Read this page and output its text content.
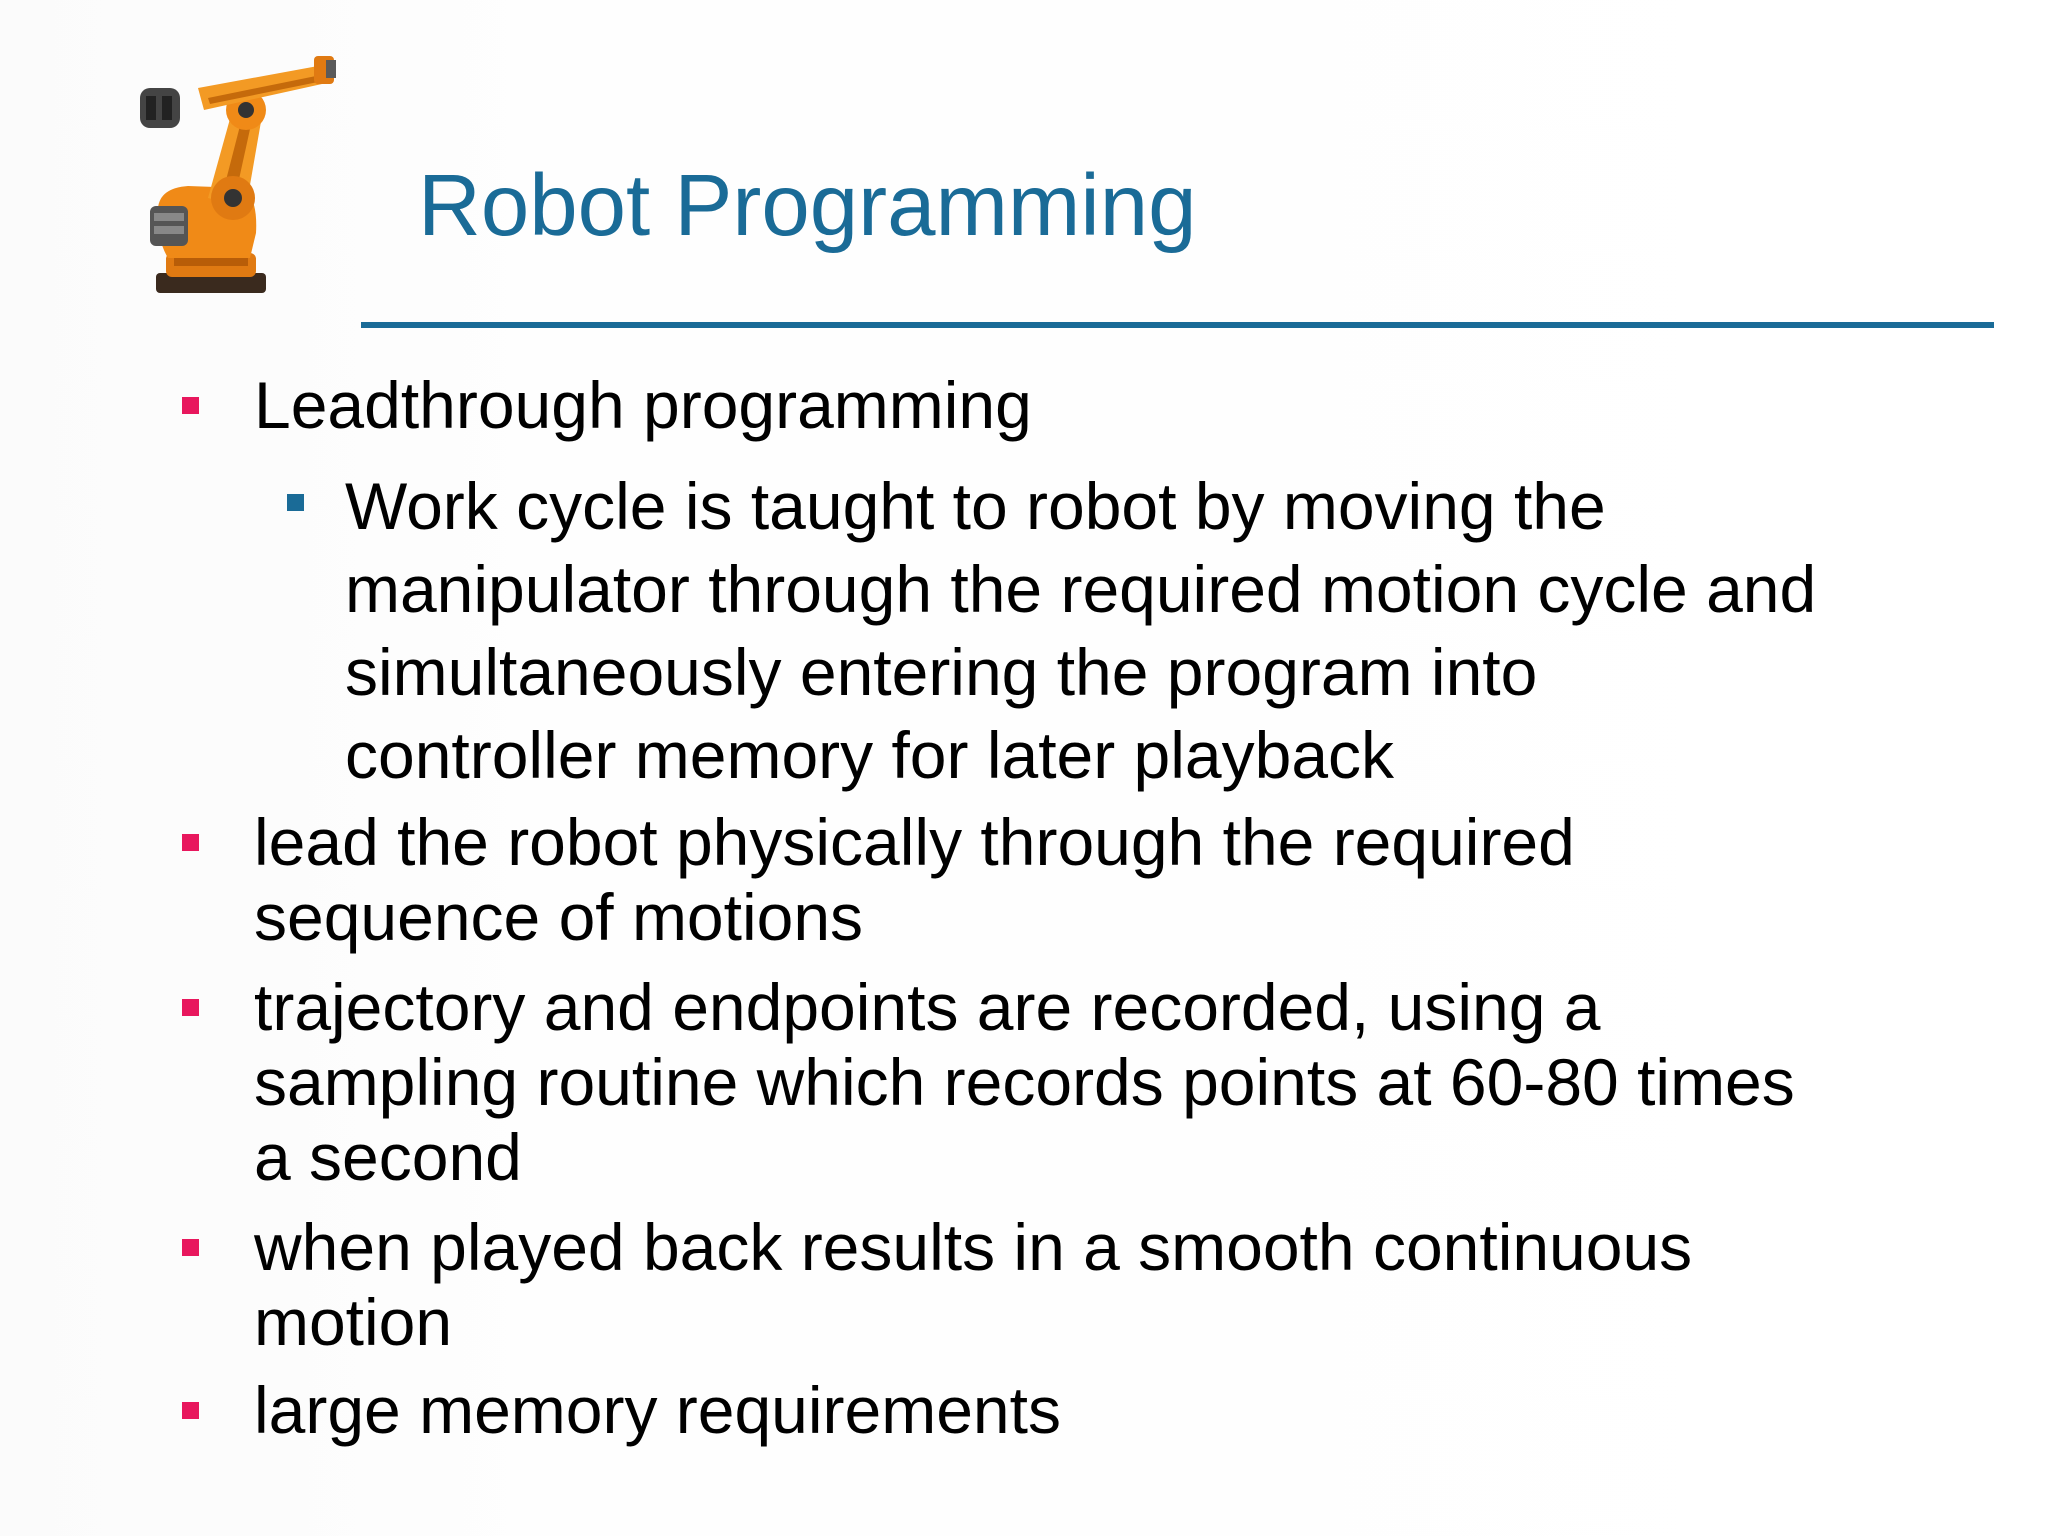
Robot Programming
Leadthrough programming
Work cycle is taught to robot by moving the
manipulator through the required motion cycle and
simultaneously entering the program into
controller memory for later playback
lead the robot physically through the required
sequence of motions
trajectory and endpoints are recorded, using a
sampling routine which records points at 60-80 times
a second
when played back results in a smooth continuous
motion
large memory requirements
